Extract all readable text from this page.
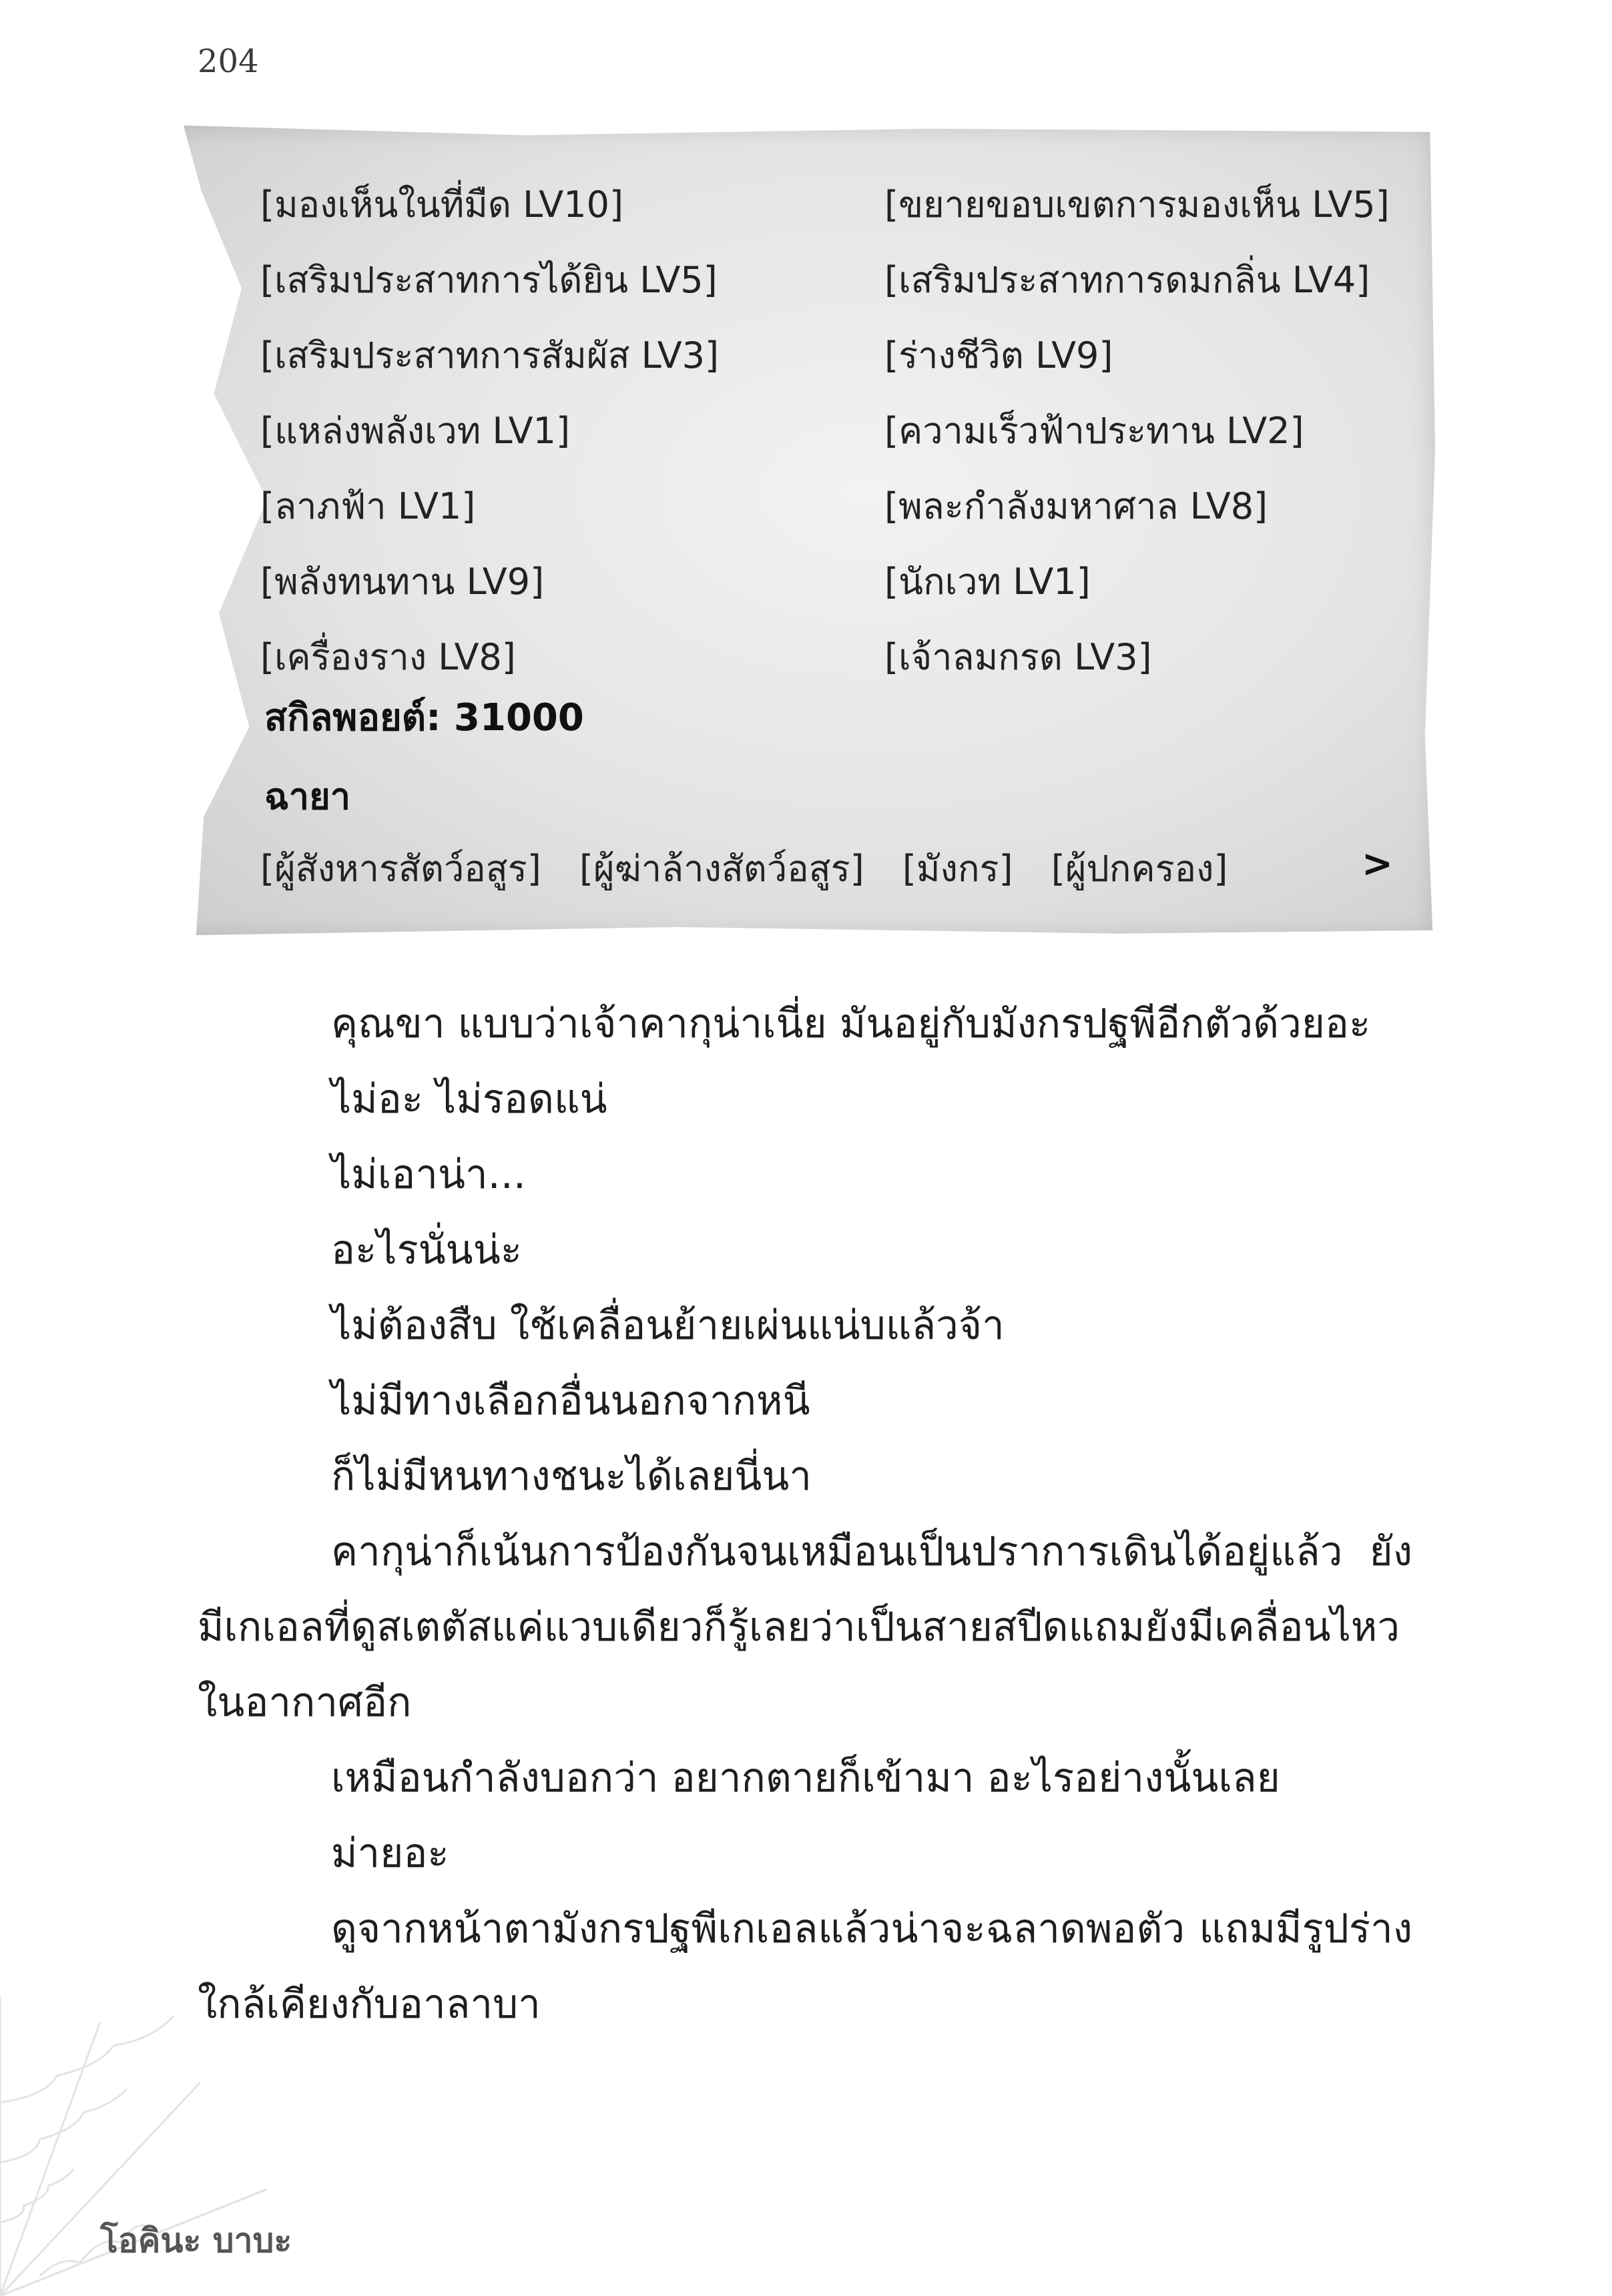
204
[มองเห็นในที่มืด LV10]	[ขยายขอบเขตการมองเห็น LV5]
[เสริมประสาทการได้ยิน LV5]	[เสริมประสาทการดมกลิ่น LV4]
[เสริมประสาทการสัมผัส LV3]	[ร่างชีวิต LV9]
[แหล่งพลังเวท LV1]	[ความเร็วฟ้าประทาน LV2]
[ลาภฟ้า LV1]	[พละกำลังมหาศาล LV8]
[พลังทนทาน LV9]	[นักเวท LV1]
[เครื่องราง LV8]	[เจ้าลมกรด LV3]
สกิลพอยต์: 31000
ฉายา
[ผู้สังหารสัตว์อสูร] [ผู้ฆ่าล้างสัตว์อสูร] [มังกร] [ผู้ปกครอง]	>

คุณขา แบบว่าเจ้าคากุน่าเนี่ย มันอยู่กับมังกรปฐพีอีกตัวด้วยอะ

ไม่อะ ไม่รอดแน่

ไม่เอาน่า...

อะไรนั่นน่ะ

ไม่ต้องสืบ ใช้เคลื่อนย้ายเผ่นแน่บแล้วจ้า

ไม่มีทางเลือกอื่นนอกจากหนี

ก็ไม่มีหนทางชนะได้เลยนี่นา

คากุน่าก็เน้นการป้องกันจนเหมือนเป็นปราการเดินได้อยู่แล้ว ยังมีเกเอลที่ดูสเตตัสแค่แวบเดียวก็รู้เลยว่าเป็นสายสปีดแถมยังมีเคลื่อนไหวในอากาศอีก

เหมือนกำลังบอกว่า อยากตายก็เข้ามา อะไรอย่างนั้นเลย

ม่ายอะ

ดูจากหน้าตามังกรปฐพีเกเอลแล้วน่าจะฉลาดพอตัว แถมมีรูปร่างใกล้เคียงกับอาลาบา

โอคินะ บาบะ
